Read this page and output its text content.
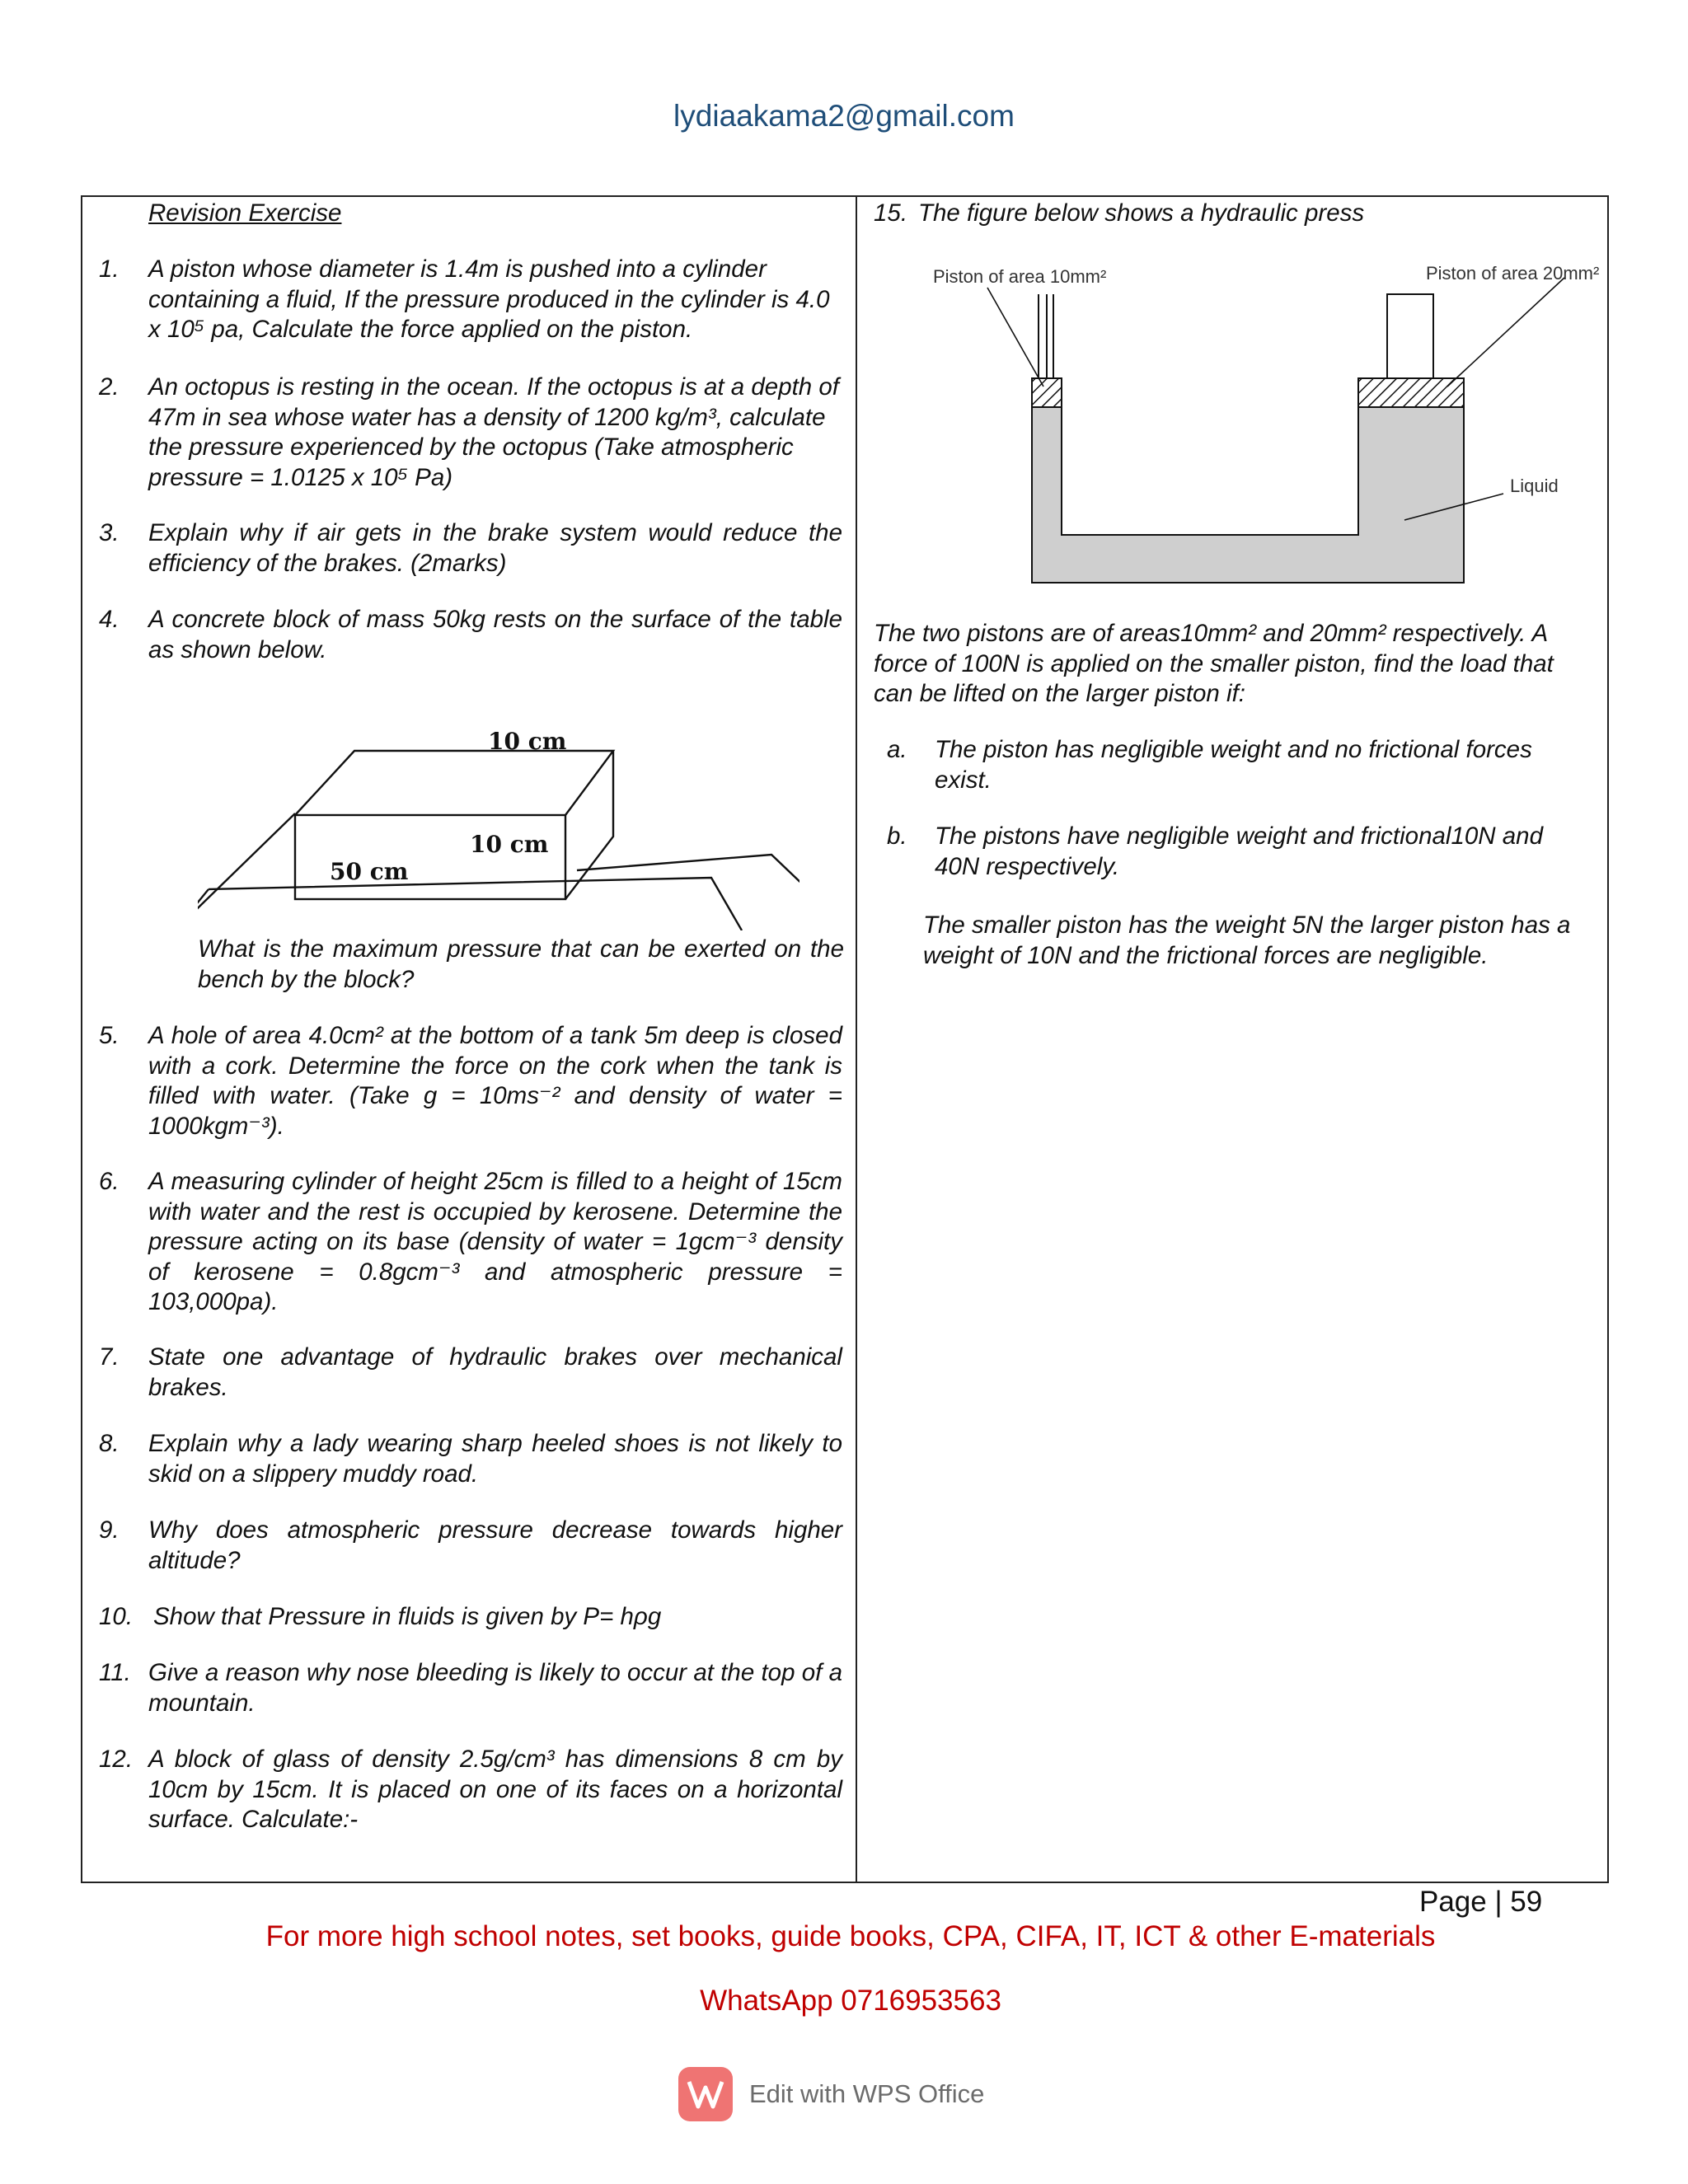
lydiaakama2@gmail.com
Revision Exercise
1. A piston whose diameter is 1.4m is pushed into a cylinder containing a fluid, If the pressure produced in the cylinder is 4.0 x 10⁵ pa, Calculate the force applied on the piston.
2. An octopus is resting in the ocean. If the octopus is at a depth of 47m in sea whose water has a density of 1200 kg/m³, calculate the pressure experienced by the octopus (Take atmospheric pressure = 1.0125 x 10⁵ Pa)
3. Explain why if air gets in the brake system would reduce the efficiency of the brakes. (2marks)
4. A concrete block of mass 50kg rests on the surface of the table as shown below.
10 cm
10 cm
50 cm
What is the maximum pressure that can be exerted on the bench by the block?
5. A hole of area 4.0cm² at the bottom of a tank 5m deep is closed with a cork. Determine the force on the cork when the tank is filled with water. (Take g = 10ms⁻² and density of water = 1000kgm⁻³).
6. A measuring cylinder of height 25cm is filled to a height of 15cm with water and the rest is occupied by kerosene. Determine the pressure acting on its base (density of water = 1gcm⁻³ density of kerosene = 0.8gcm⁻³ and atmospheric pressure = 103,000pa).
7. State one advantage of hydraulic brakes over mechanical brakes.
8. Explain why a lady wearing sharp heeled shoes is not likely to skid on a slippery muddy road.
9. Why does atmospheric pressure decrease towards higher altitude?
10. Show that Pressure in fluids is given by P= hρg
11. Give a reason why nose bleeding is likely to occur at the top of a mountain.
12. A block of glass of density 2.5g/cm³ has dimensions 8 cm by 10cm by 15cm. It is placed on one of its faces on a horizontal surface. Calculate:-
15. The figure below shows a hydraulic press
Piston of area 10mm²	Piston of area 20mm²
Liquid
The two pistons are of areas10mm² and 20mm² respectively. A force of 100N is applied on the smaller piston, find the load that can be lifted on the larger piston if:
a. The piston has negligible weight and no frictional forces exist.
b. The pistons have negligible weight and frictional10N and 40N respectively.
The smaller piston has the weight 5N the larger piston has a weight of 10N and the frictional forces are negligible.
Page | 59
For more high school notes, set books, guide books, CPA, CIFA, IT, ICT & other E-materials
WhatsApp 0716953563
Edit with WPS Office
